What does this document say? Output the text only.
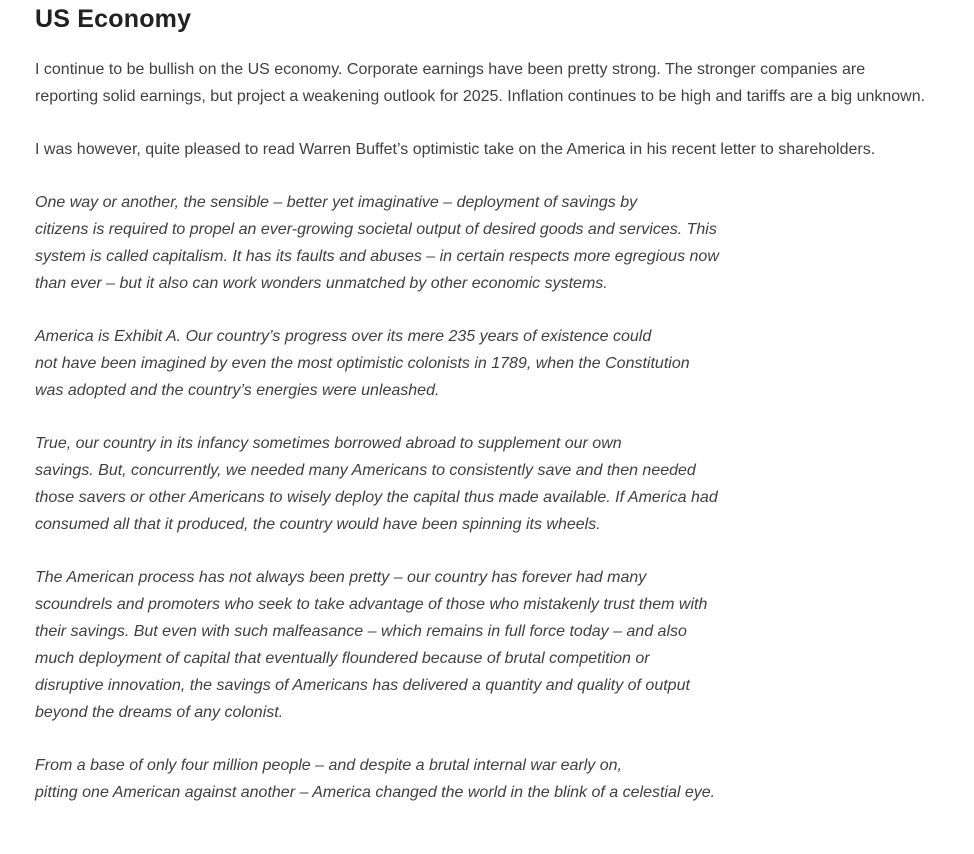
US Economy

I continue to be bullish on the US economy. Corporate earnings have been pretty strong. The stronger companies are reporting solid earnings, but project a weakening outlook for 2025. Inflation continues to be high and tariffs are a big unknown.

I was however, quite pleased to read Warren Buffet’s optimistic take on the America in his recent letter to shareholders.

One way or another, the sensible – better yet imaginative – deployment of savings by
citizens is required to propel an ever-growing societal output of desired goods and services. This
system is called capitalism. It has its faults and abuses – in certain respects more egregious now
than ever – but it also can work wonders unmatched by other economic systems.

America is Exhibit A. Our country’s progress over its mere 235 years of existence could
not have been imagined by even the most optimistic colonists in 1789, when the Constitution
was adopted and the country’s energies were unleashed.

True, our country in its infancy sometimes borrowed abroad to supplement our own
savings. But, concurrently, we needed many Americans to consistently save and then needed
those savers or other Americans to wisely deploy the capital thus made available. If America had
consumed all that it produced, the country would have been spinning its wheels.

The American process has not always been pretty – our country has forever had many
scoundrels and promoters who seek to take advantage of those who mistakenly trust them with
their savings. But even with such malfeasance – which remains in full force today – and also
much deployment of capital that eventually floundered because of brutal competition or
disruptive innovation, the savings of Americans has delivered a quantity and quality of output
beyond the dreams of any colonist.

From a base of only four million people – and despite a brutal internal war early on,
pitting one American against another – America changed the world in the blink of a celestial eye.
